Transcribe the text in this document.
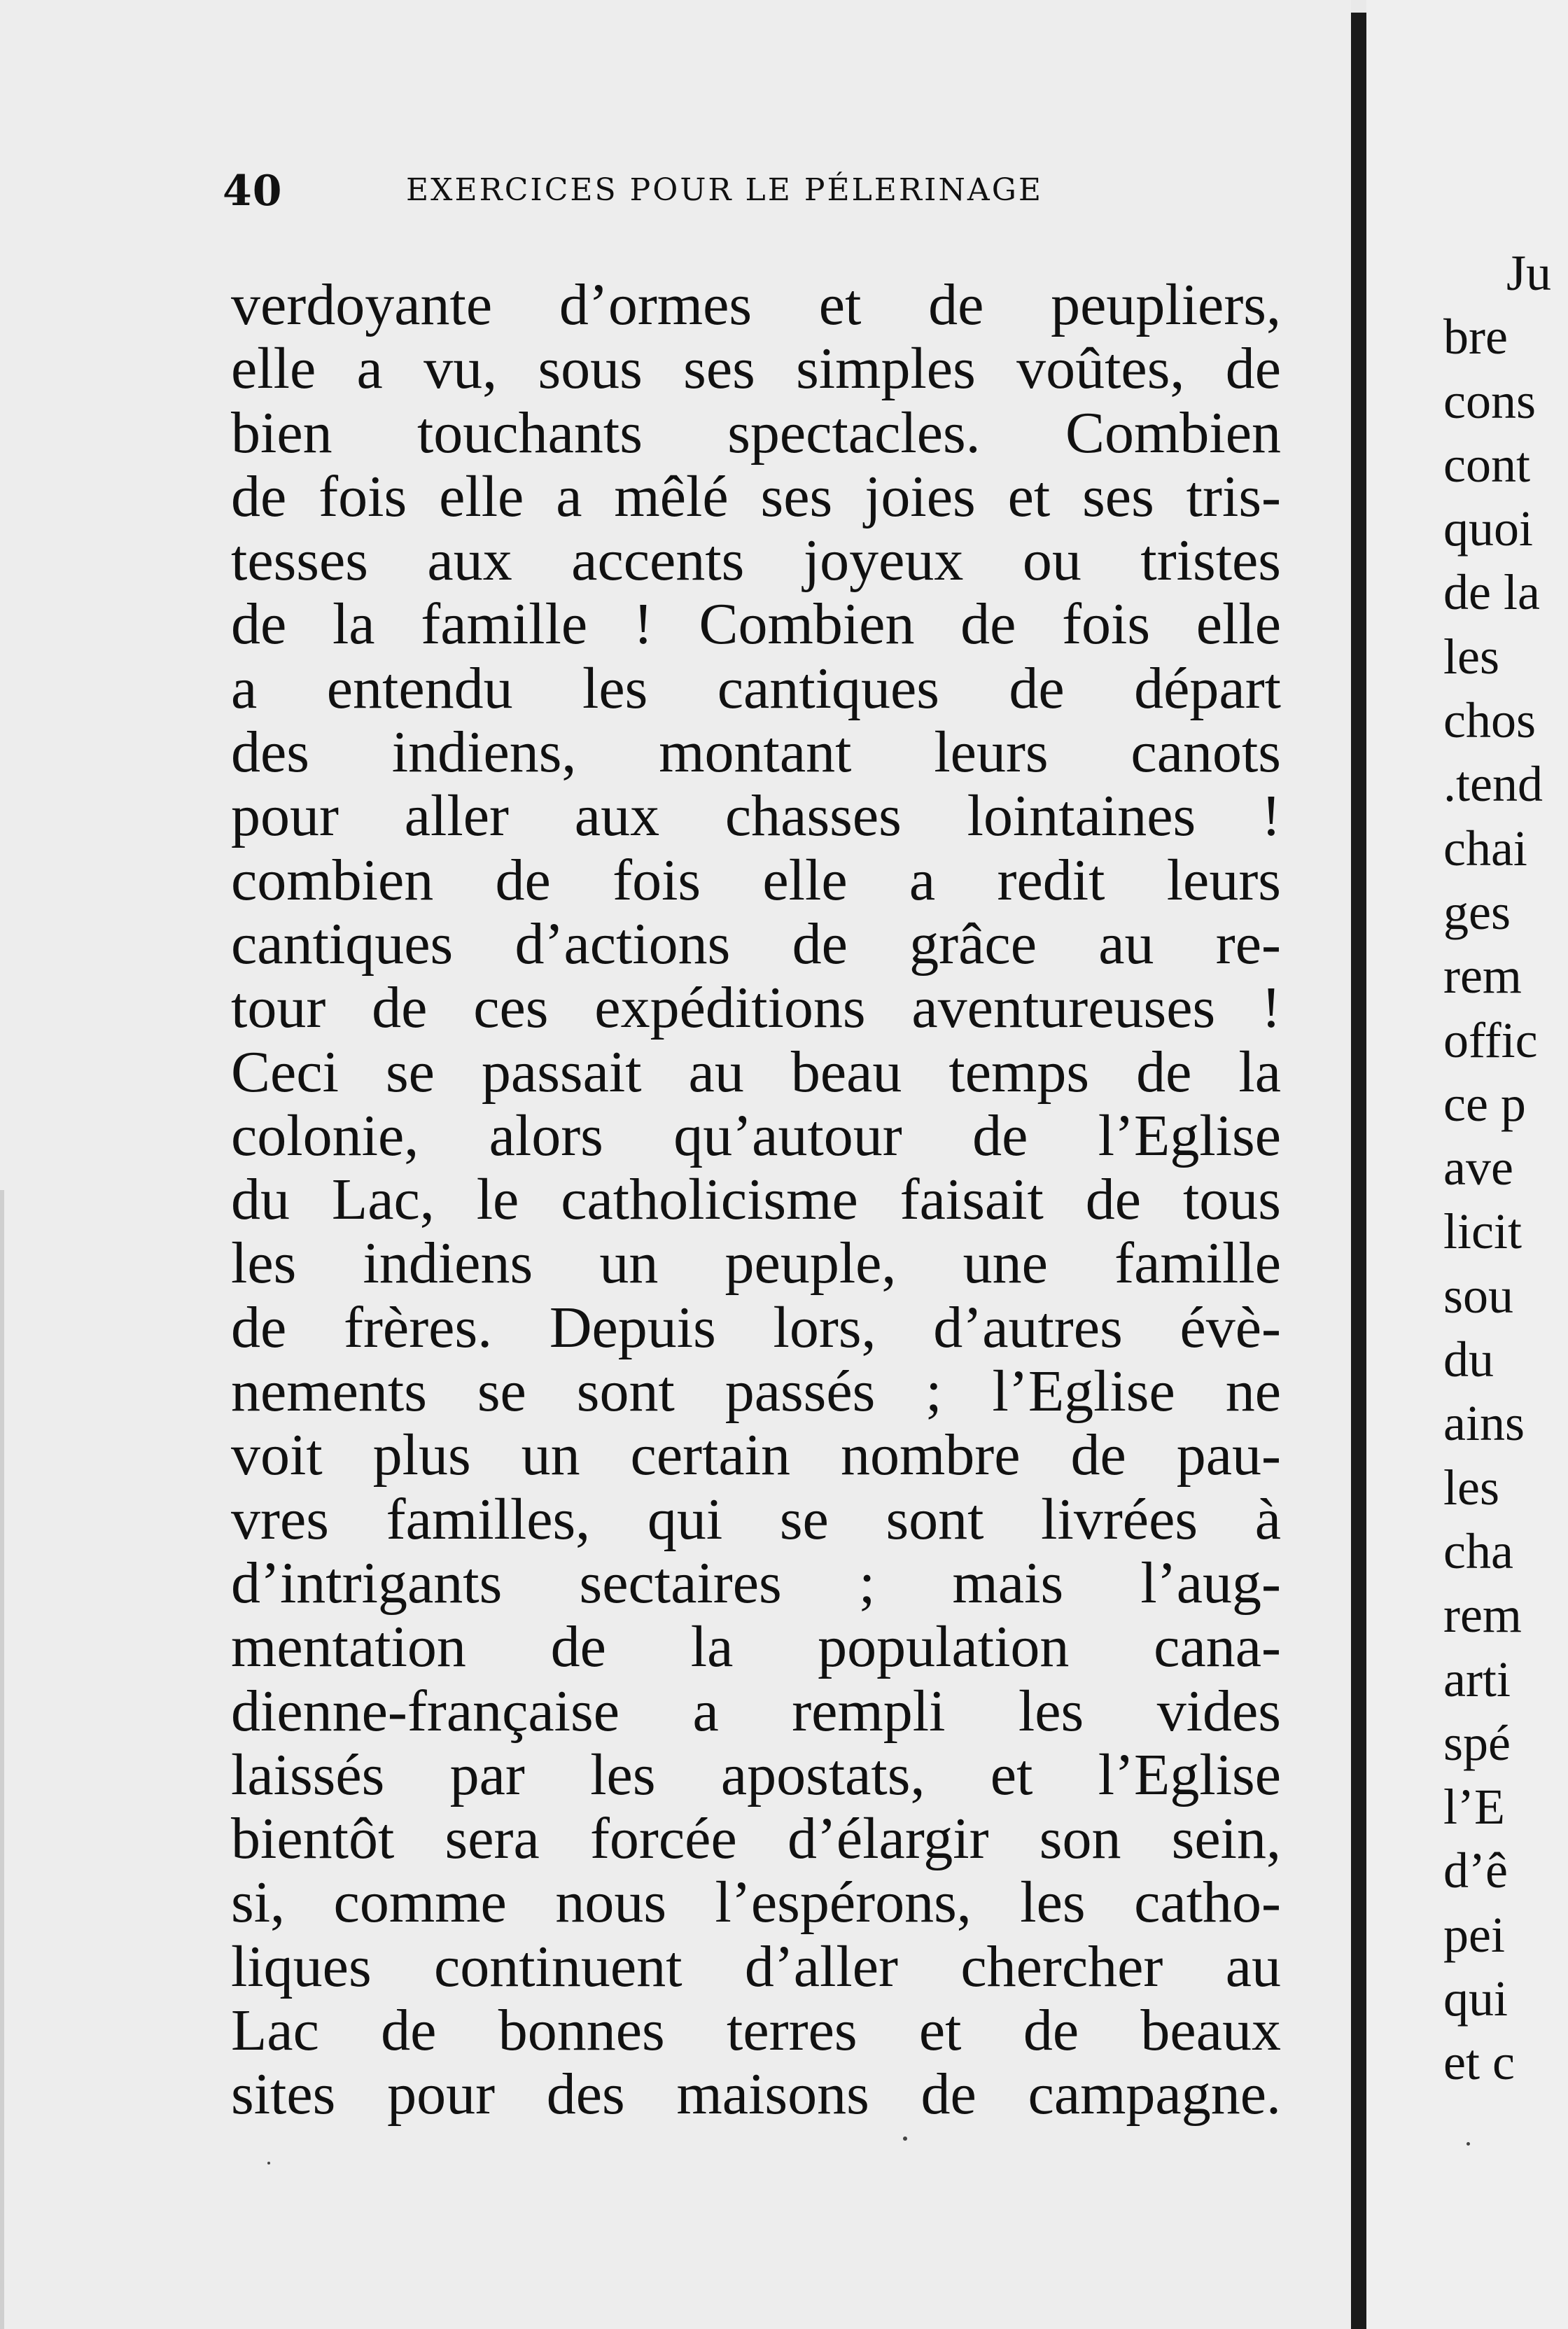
40	EXERCICES POUR LE PÉLERINAGE
verdoyante d’ormes et de peupliers,
elle a vu, sous ses simples voûtes, de
bien touchants spectacles. Combien
de fois elle a mêlé ses joies et ses tris-
tesses aux accents joyeux ou tristes
de la famille ! Combien de fois elle
a entendu les cantiques de départ
des indiens, montant leurs canots
pour aller aux chasses lointaines !
combien de fois elle a redit leurs
cantiques d’actions de grâce au re-
tour de ces expéditions aventureuses !
Ceci se passait au beau temps de la
colonie, alors qu’autour de l’Eglise
du Lac, le catholicisme faisait de tous
les indiens un peuple, une famille
de frères. Depuis lors, d’autres évè-
nements se sont passés ; l’Eglise ne
voit plus un certain nombre de pau-
vres familles, qui se sont livrées à
d’intrigants sectaires ; mais l’aug-
mentation de la population cana-
dienne-française a rempli les vides
laissés par les apostats, et l’Eglise
bientôt sera forcée d’élargir son sein,
si, comme nous l’espérons, les catho-
liques continuent d’aller chercher au
Lac de bonnes terres et de beaux
sites pour des maisons de campagne.
Ju
bre
cons
cont
quoi
de la
les
chos
.tend
chai
ges
rem
offic
ce p
ave
licit
sou
du
ains
les
cha
rem
arti
spé
l’E
d’ê
pei
qui
et c
